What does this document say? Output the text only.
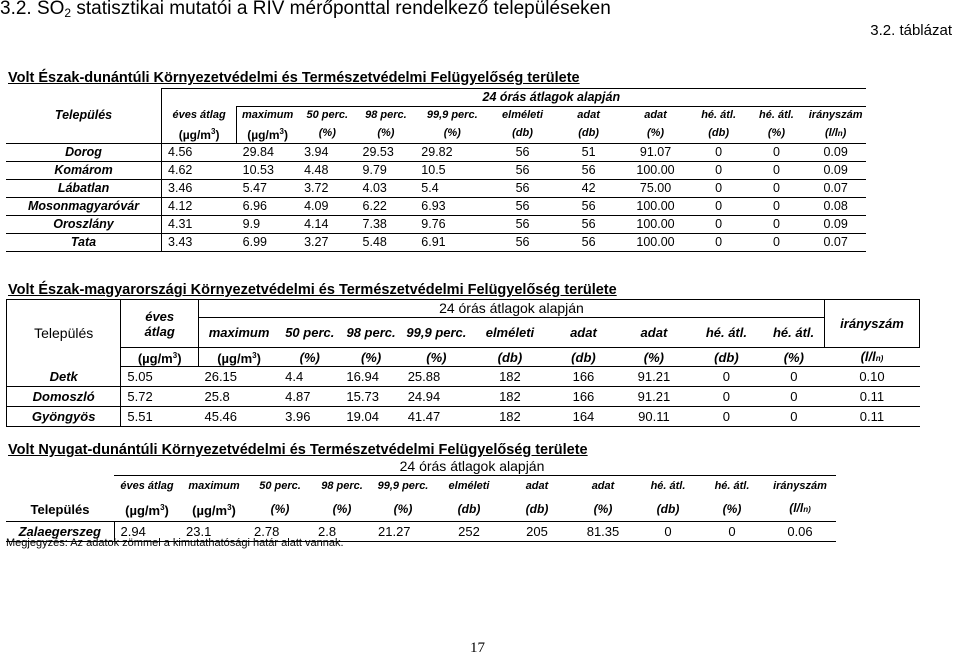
3.2. $SO_2$ statisztikai mutatói a RIV mérőponttal rendelkező településeken
3.2. táblázat
Volt Észak-dunántúli Környezetvédelmi és Természetvédelmi Felügyelőség területe
Település		24 órás átlagok alapján									
	éves átlag	maximum	50 perc.	98 perc.	99,9 perc.	elméleti	adat	adat	hé. átl.	hé. átl.	irányszám
	$(\mu g/m^3)$	$(\mu g/m^3)$	(%)	(%)	(%)	(db)	(db)	(%)	(db)	(%)	(l/ln)
Dorog	4.56	29.84	3.94	29.53	29.82	56	51	91.07	0	0	0.09
Komárom	4.62	10.53	4.48	9.79	10.5	56	56	100.00	0	0	0.09
Lábatlan	3.46	5.47	3.72	4.03	5.4	56	42	75.00	0	0	0.07
Mosonmagyaróvár	4.12	6.96	4.09	6.22	6.93	56	56	100.00	0	0	0.08
Oroszlány	4.31	9.9	4.14	7.38	9.76	56	56	100.00	0	0	0.09
Tata	3.43	6.99	3.27	5.48	6.91	56	56	100.00	0	0	0.07
Volt Észak-magyarországi Környezetvédelmi és Természetvédelmi Felügyelőség területe
Település	éves átlag	24 órás átlagok alapján									irányszám
		maximum	50 perc.	98 perc.	99,9 perc.	elméleti	adat	adat	hé. átl.	hé. átl.	
	$(\mu g/m^3)$	$(\mu g/m^3)$	(%)	(%)	(%)	(db)	(db)	(%)	(db)	(%)	(l/ln)
Detk	5.05	26.15	4.4	16.94	25.88	182	166	91.21	0	0	0.10
Domoszló	5.72	25.8	4.87	15.73	24.94	182	166	91.21	0	0	0.11
Gyöngyös	5.51	45.46	3.96	19.04	41.47	182	164	90.11	0	0	0.11
Volt Nyugat-dunántúli Környezetvédelmi és Természetvédelmi Felügyelőség területe
		24 órás átlagok alapján									
	éves átlag	maximum	50 perc.	98 perc.	99,9 perc.	elméleti	adat	adat	hé. átl.	hé. átl.	irányszám
Település	$(\mu g/m^3)$	$(\mu g/m^3)$	(%)	(%)	(%)	(db)	(db)	(%)	(db)	(%)	(l/ln)
Zalaegerszeg	2.94	23.1	2.78	2.8	21.27	252	205	81.35	0	0	0.06
Megjegyzés: Az adatok zömmel a kimutathatósági határ alatt vannak.
17
